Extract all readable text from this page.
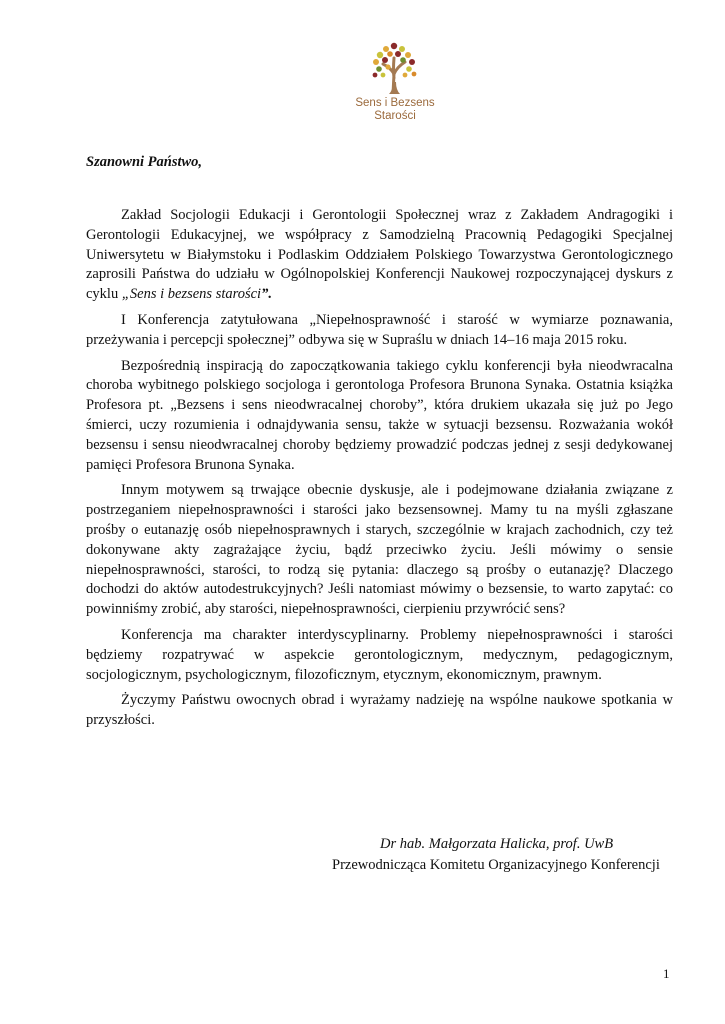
Sens i Bezsens
Starości

Szanowni Państwo,

Zakład Socjologii Edukacji i Gerontologii Społecznej wraz z Zakładem Andragogiki i Gerontologii Edukacyjnej, we współpracy z Samodzielną Pracownią Pedagogiki Specjalnej Uniwersytetu w Białymstoku i Podlaskim Oddziałem Polskiego Towarzystwa Gerontologicznego zaprosili Państwa do udziału w Ogólnopolskiej Konferencji Naukowej rozpoczynającej dyskurs z cyklu „Sens i bezsens starości”.

I Konferencja zatytułowana „Niepełnosprawność i starość w wymiarze poznawania, przeżywania i percepcji społecznej” odbywa się w Supraślu w dniach 14–16 maja 2015 roku.

Bezpośrednią inspiracją do zapoczątkowania takiego cyklu konferencji była nieodwracalna choroba wybitnego polskiego socjologa i gerontologa Profesora Brunona Synaka. Ostatnia książka Profesora pt. „Bezsens i sens nieodwracalnej choroby”, która drukiem ukazała się już po Jego śmierci, uczy rozumienia i odnajdywania sensu, także w sytuacji bezsensu. Rozważania wokół bezsensu i sensu nieodwracalnej choroby będziemy prowadzić podczas jednej z sesji dedykowanej pamięci Profesora Brunona Synaka.

Innym motywem są trwające obecnie dyskusje, ale i podejmowane działania związane z postrzeganiem niepełnosprawności i starości jako bezsensownej. Mamy tu na myśli zgłaszane prośby o eutanazję osób niepełnosprawnych i starych, szczególnie w krajach zachodnich, czy też dokonywane akty zagrażające życiu, bądź przeciwko życiu. Jeśli mówimy o sensie niepełnosprawności, starości, to rodzą się pytania: dlaczego są prośby o eutanazję? Dlaczego dochodzi do aktów autodestrukcyjnych? Jeśli natomiast mówimy o bezsensie, to warto zapytać: co powinniśmy zrobić, aby starości, niepełnosprawności, cierpieniu przywrócić sens?

Konferencja ma charakter interdyscyplinarny. Problemy niepełnosprawności i starości będziemy rozpatrywać w aspekcie gerontologicznym, medycznym, pedagogicznym, socjologicznym, psychologicznym, filozoficznym, etycznym, ekonomicznym, prawnym.

Życzymy Państwu owocnych obrad i wyrażamy nadzieję na wspólne naukowe spotkania w przyszłości.

Dr hab. Małgorzata Halicka, prof. UwB

Przewodnicząca Komitetu Organizacyjnego Konferencji

1
